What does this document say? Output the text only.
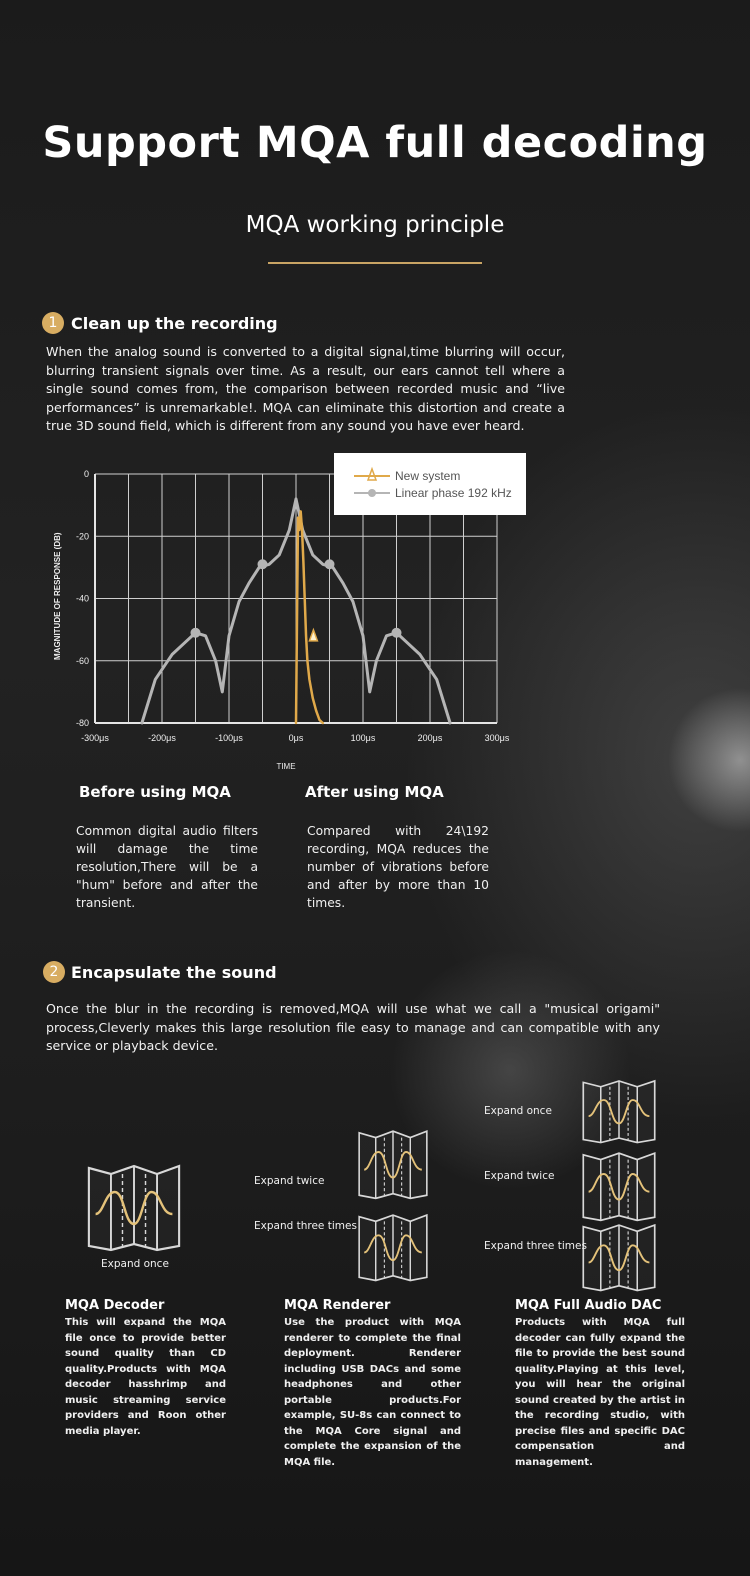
Support MQA full decoding
MQA working principle
1 Clean up the recording
When the analog sound is converted to a digital signal,time blurring will occur, blurring transient signals over time. As a result, our ears cannot tell where a single sound comes from, the comparison between recorded music and “live performances” is unremarkable!. MQA can eliminate this distortion and create a true 3D sound field, which is different from any sound you have ever heard.
-300μs	-200μs	-100μs	0μs	100μs	200μs	300μs
0
-20
-40
-60
-80
MAGNITUDE OF RESPONSE (DB)
TIME
New system
Linear phase 192 kHz
Before using MQA
Common digital audio filters will damage the time resolution,There will be a "hum" before and after the transient.
After using MQA
Compared with 24\192 recording, MQA reduces the number of vibrations before and after by more than 10 times.
2 Encapsulate the sound
Once the blur in the recording is removed,MQA will use what we call a "musical origami" process,Cleverly makes this large resolution file easy to manage and can compatible with any service or playback device.
Expand once
Expand twice
Expand three times
Expand once
Expand twice
Expand three times
MQA Decoder
This will expand the MQA file once to provide better sound quality than CD quality.Products with MQA decoder hasshrimp and music streaming service providers and Roon other media player.
MQA Renderer
Use the product with MQA renderer to complete the final deployment. Renderer including USB DACs and some headphones and other portable products.For example, SU-8s can connect to the MQA Core signal and complete the expansion of the MQA file.
MQA Full Audio DAC
Products with MQA full decoder can fully expand the file to provide the best sound quality.Playing at this level, you will hear the original sound created by the artist in the recording studio, with precise files and specific DAC compensation and management.
